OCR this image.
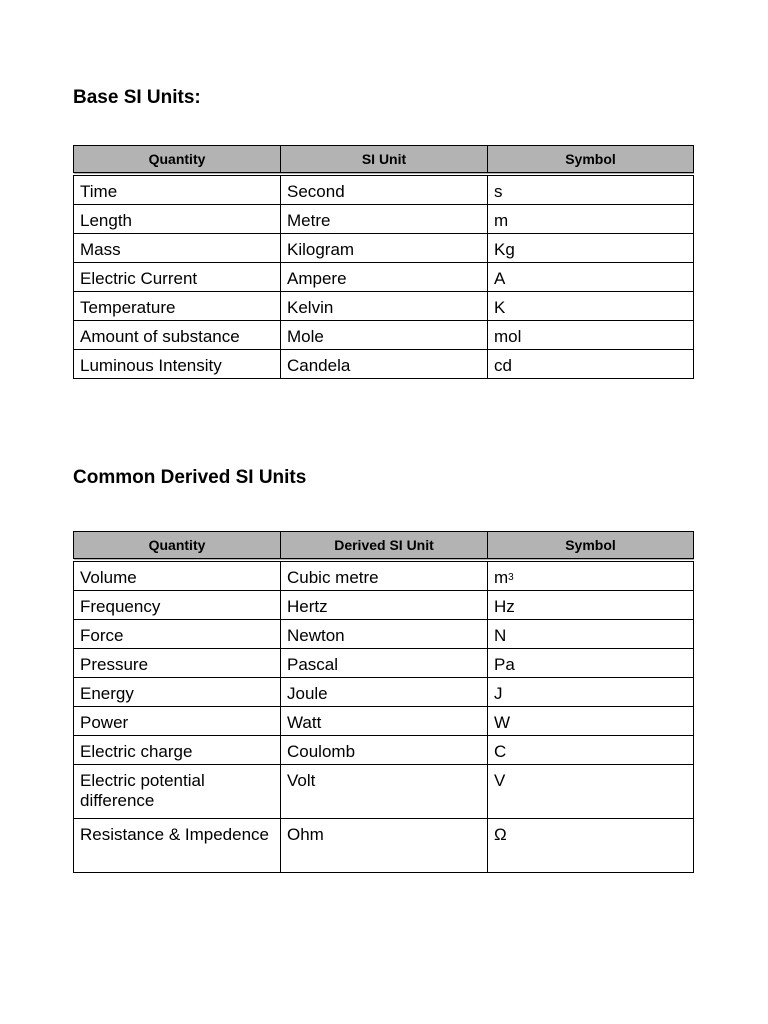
Base SI Units:
Quantity	SI Unit	Symbol
Time	Second	s
Length	Metre	m
Mass	Kilogram	Kg
Electric Current	Ampere	A
Temperature	Kelvin	K
Amount of substance	Mole	mol
Luminous Intensity	Candela	cd
Common Derived SI Units
Quantity	Derived SI Unit	Symbol
Volume	Cubic metre	$m^3$
Frequency	Hertz	Hz
Force	Newton	N
Pressure	Pascal	Pa
Energy	Joule	J
Power	Watt	W
Electric charge	Coulomb	C
Electric potential difference	Volt	V
Resistance & Impedence	Ohm	Ω
